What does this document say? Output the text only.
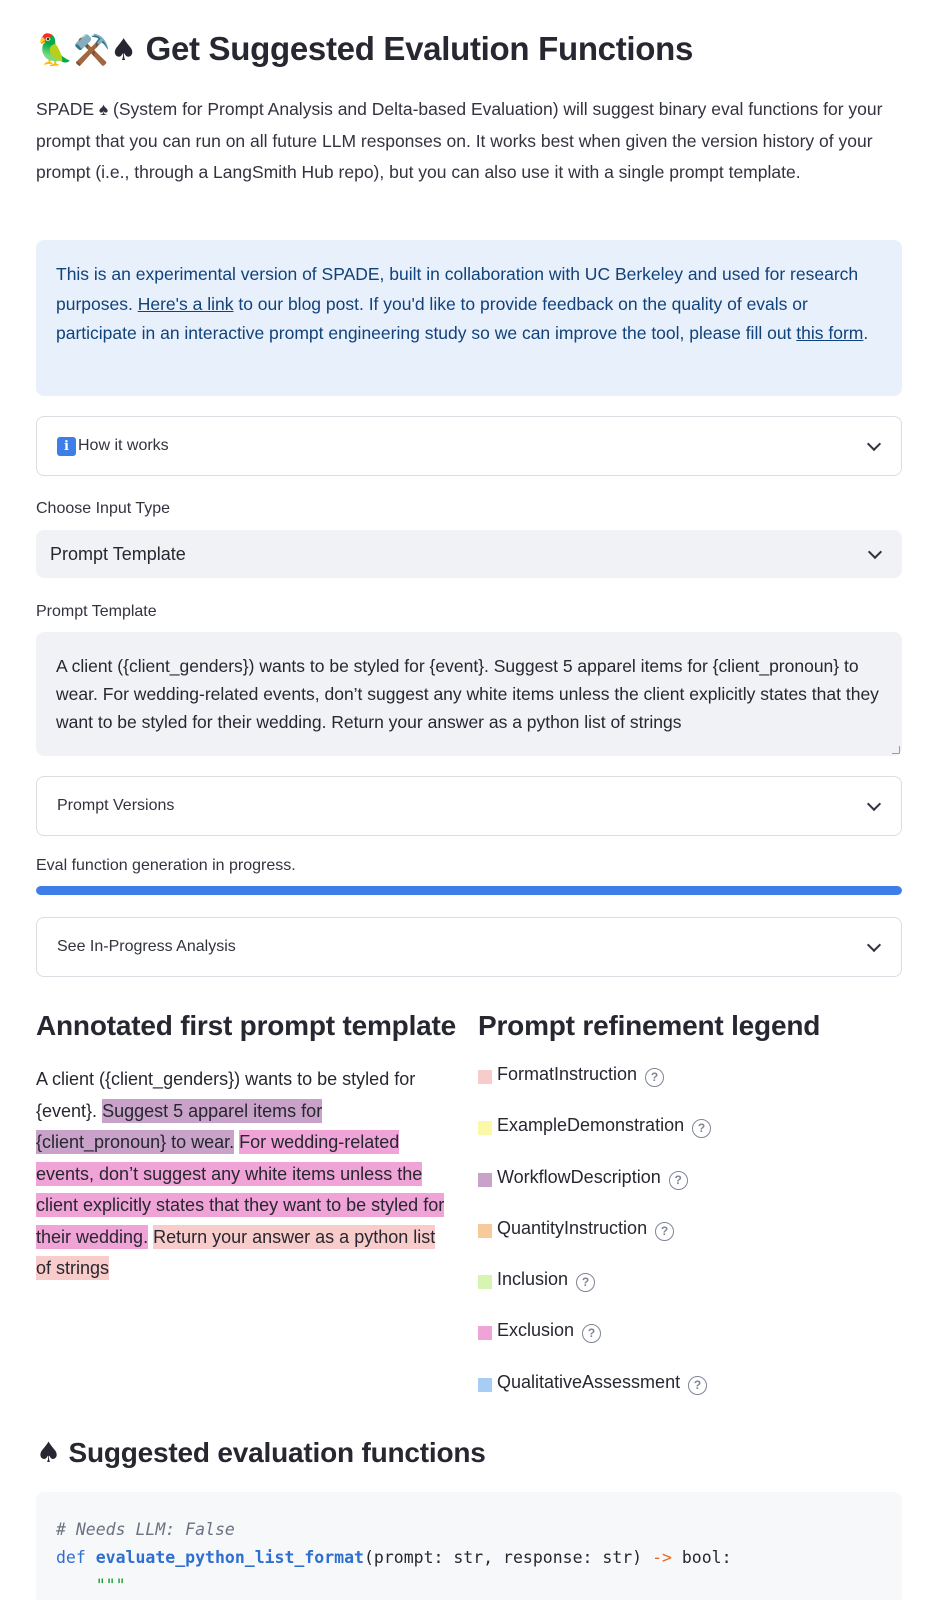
🦜⚒️♠ Get Suggested Evalution Functions

SPADE ♠ (System for Prompt Analysis and Delta-based Evaluation) will suggest binary eval functions for your prompt that you can run on all future LLM responses on. It works best when given the version history of your prompt (i.e., through a LangSmith Hub repo), but you can also use it with a single prompt template.

This is an experimental version of SPADE, built in collaboration with UC Berkeley and used for research purposes. Here's a link to our blog post. If you'd like to provide feedback on the quality of evals or participate in an interactive prompt engineering study so we can improve the tool, please fill out this form.
i How it works
Choose Input Type
Prompt Template
Prompt Template
A client ({client_genders}) wants to be styled for {event}. Suggest 5 apparel items for {client_pronoun} to wear. For wedding-related events, don’t suggest any white items unless the client explicitly states that they want to be styled for their wedding. Return your answer as a python list of strings
Prompt Versions
Eval function generation in progress.
See In-Progress Analysis
Annotated first prompt template Prompt refinement legend
A client ({client_genders}) wants to be styled for {event}. Suggest 5 apparel items for {client_pronoun} to wear. For wedding-related events, don’t suggest any white items unless the client explicitly states that they want to be styled for their wedding. Return your answer as a python list of strings
FormatInstruction	?
ExampleDemonstration	?
WorkflowDescription	?
QuantityInstruction	?
Inclusion	?
Exclusion	?
QualitativeAssessment	?
♠ Suggested evaluation functions
# Needs LLM: False
def evaluate_python_list_format(prompt: str, response: str) -> bool:
"""
